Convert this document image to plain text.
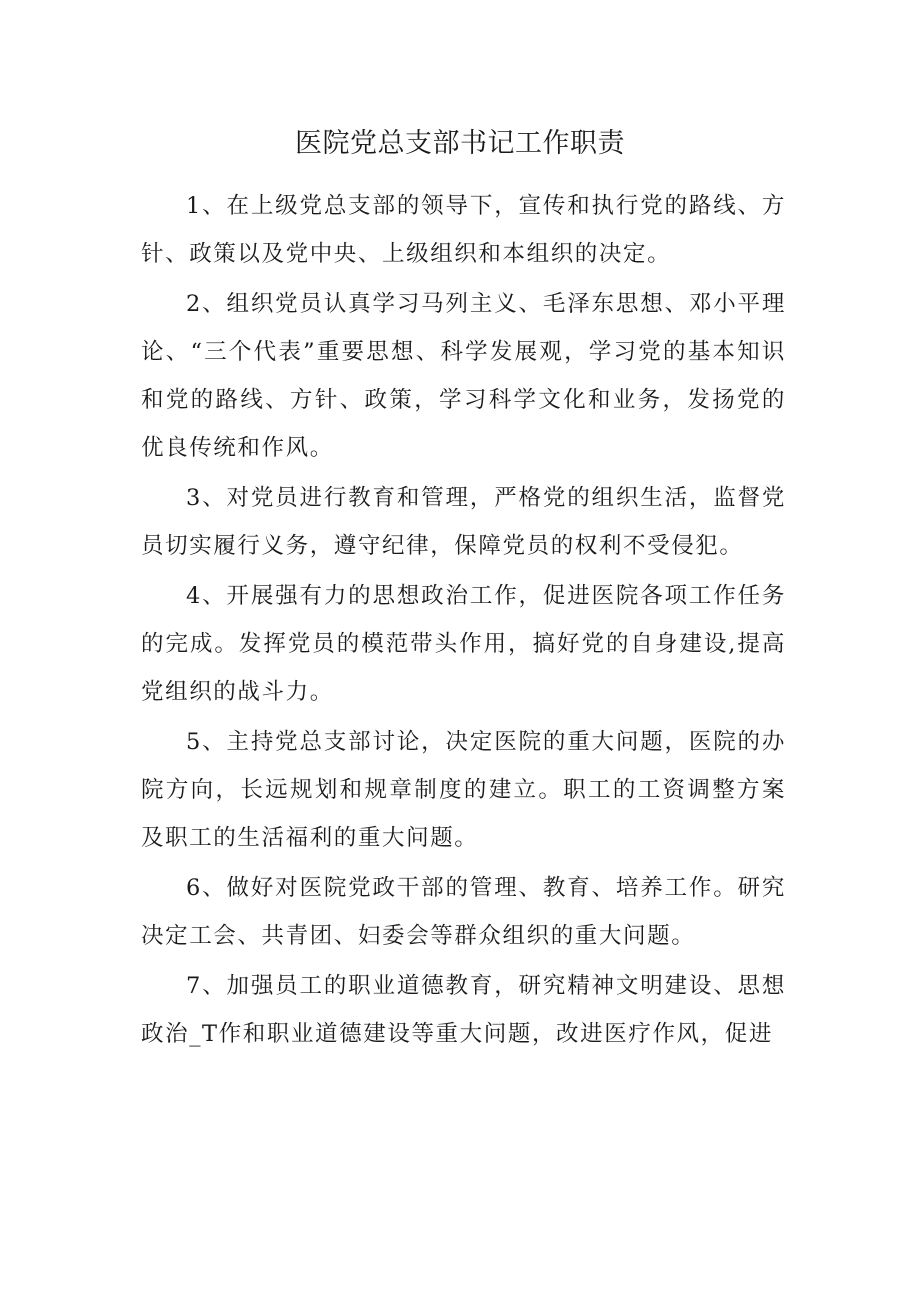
医院党总支部书记工作职责

1、在上级党总支部的领导下，宣传和执行党的路线、方针、政策以及党中央、上级组织和本组织的决定。

2、组织党员认真学习马列主义、毛泽东思想、邓小平理论、“三个代表”重要思想、科学发展观，学习党的基本知识和党的路线、方针、政策，学习科学文化和业务，发扬党的优良传统和作风。

3、对党员进行教育和管理，严格党的组织生活，监督党员切实履行义务，遵守纪律，保障党员的权利不受侵犯。

4、开展强有力的思想政治工作，促进医院各项工作任务的完成。发挥党员的模范带头作用，搞好党的自身建设,提高党组织的战斗力。

5、主持党总支部讨论，决定医院的重大问题，医院的办院方向，长远规划和规章制度的建立。职工的工资调整方案及职工的生活福利的重大问题。

6、做好对医院党政干部的管理、教育、培养工作。研究决定工会、共青团、妇委会等群众组织的重大问题。

7、加强员工的职业道德教育，研究精神文明建设、思想政治_T作和职业道德建设等重大问题，改进医疗作风，促进
